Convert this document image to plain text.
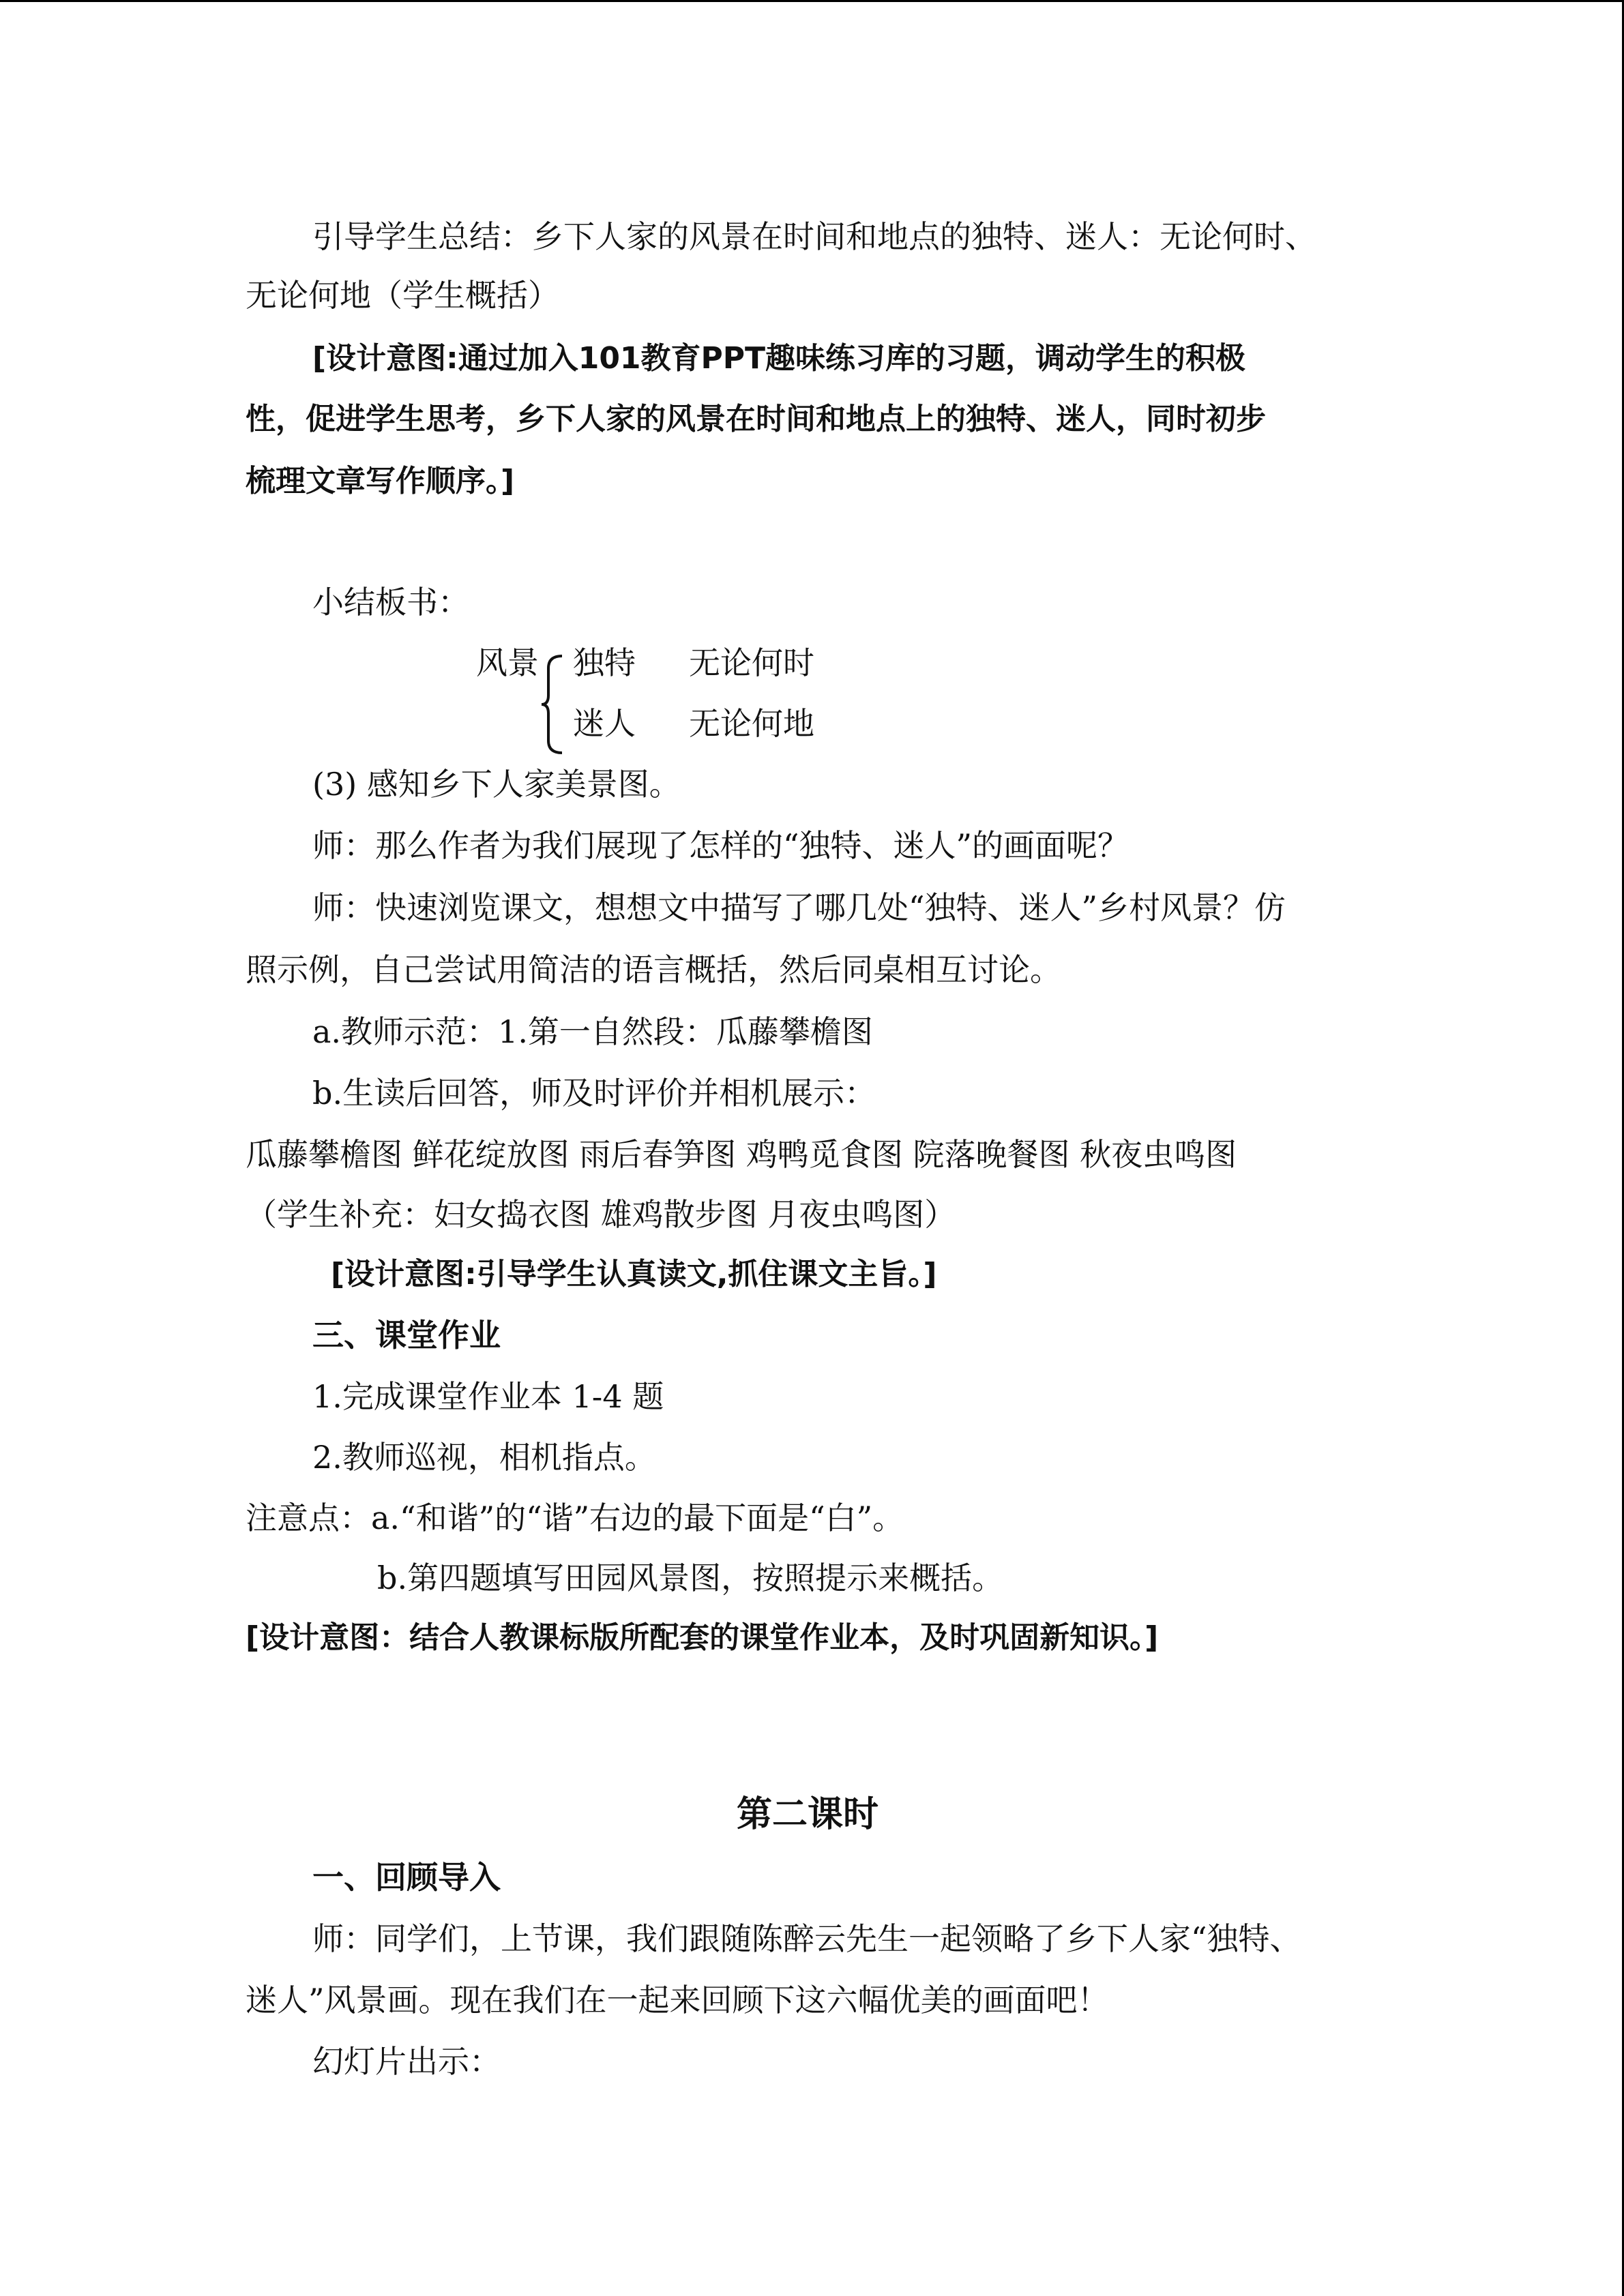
引导学生总结：乡下人家的风景在时间和地点的独特、迷人：无论何时、
无论何地（学生概括）
[设计意图:通过加入101教育PPT趣味练习库的习题，调动学生的积极
性，促进学生思考，乡下人家的风景在时间和地点上的独特、迷人，同时初步
梳理文章写作顺序。]
小结板书：
风景 独特 无论何时
迷人 无论何地
(3) 感知乡下人家美景图。
师：那么作者为我们展现了怎样的“独特、迷人”的画面呢？
师：快速浏览课文，想想文中描写了哪几处“独特、迷人”乡村风景？仿
照示例，自己尝试用简洁的语言概括，然后同桌相互讨论。
a.教师示范：1.第一自然段：瓜藤攀檐图
b.生读后回答，师及时评价并相机展示：
瓜藤攀檐图 鲜花绽放图 雨后春笋图 鸡鸭觅食图 院落晚餐图 秋夜虫鸣图
（学生补充：妇女捣衣图 雄鸡散步图 月夜虫鸣图）
[设计意图:引导学生认真读文,抓住课文主旨。]
三、课堂作业
1.完成课堂作业本 1-4 题
2.教师巡视，相机指点。
注意点：a.“和谐”的“谐”右边的最下面是“白”。
b.第四题填写田园风景图，按照提示来概括。
[设计意图：结合人教课标版所配套的课堂作业本，及时巩固新知识。]
第二课时
一、回顾导入
师：同学们，上节课，我们跟随陈醉云先生一起领略了乡下人家“独特、
迷人”风景画。现在我们在一起来回顾下这六幅优美的画面吧！
幻灯片出示：
